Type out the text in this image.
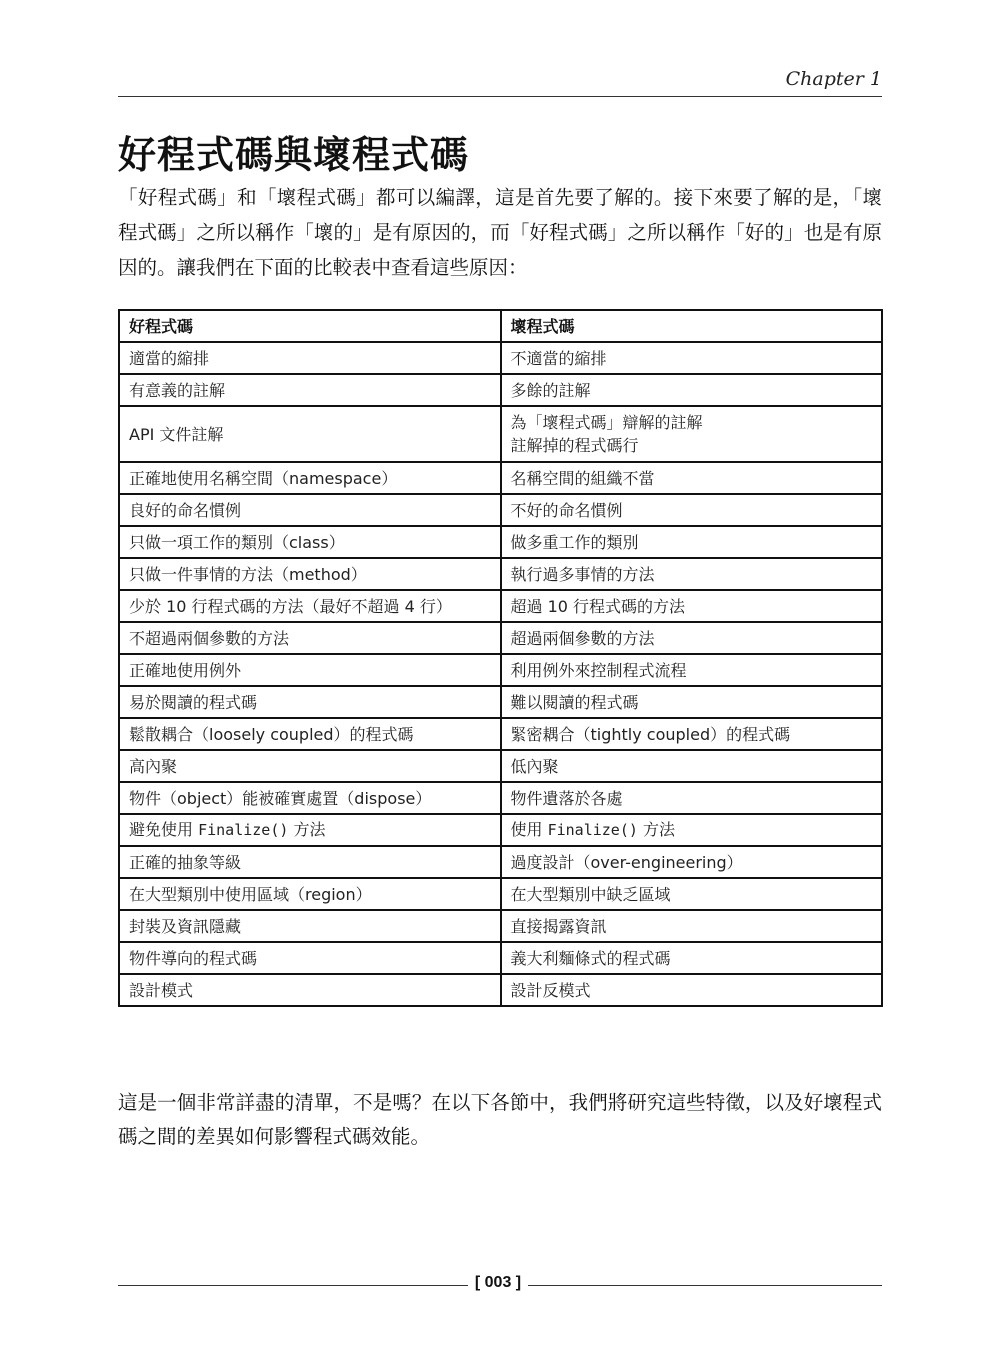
Chapter 1
好程式碼與壞程式碼

「好程式碼」和「壞程式碼」都可以編譯，這是首先要了解的。接下來要了解的是，「壞程式碼」之所以稱作「壞的」是有原因的，而「好程式碼」之所以稱作「好的」也是有原因的。讓我們在下面的比較表中查看這些原因：

好程式碼	壞程式碼

適當的縮排	不適當的縮排

有意義的註解	多餘的註解

API 文件註解	為「壞程式碼」辯解的註解
註解掉的程式碼行

正確地使用名稱空間（namespace）	名稱空間的組織不當

良好的命名慣例	不好的命名慣例

只做一項工作的類別（class）	做多重工作的類別

只做一件事情的方法（method）	執行過多事情的方法

少於 10 行程式碼的方法（最好不超過 4 行）	超過 10 行程式碼的方法

不超過兩個參數的方法	超過兩個參數的方法

正確地使用例外	利用例外來控制程式流程

易於閱讀的程式碼	難以閱讀的程式碼

鬆散耦合（loosely coupled）的程式碼	緊密耦合（tightly coupled）的程式碼

高內聚	低內聚

物件（object）能被確實處置（dispose）	物件遺落於各處

避免使用 Finalize() 方法	使用 Finalize() 方法

正確的抽象等級	過度設計（over-engineering）

在大型類別中使用區域（region）	在大型類別中缺乏區域

封裝及資訊隱藏	直接揭露資訊

物件導向的程式碼	義大利麵條式的程式碼

設計模式	設計反模式

這是一個非常詳盡的清單，不是嗎？在以下各節中，我們將研究這些特徵，以及好壞程式碼之間的差異如何影響程式碼效能。

[ 003 ]
